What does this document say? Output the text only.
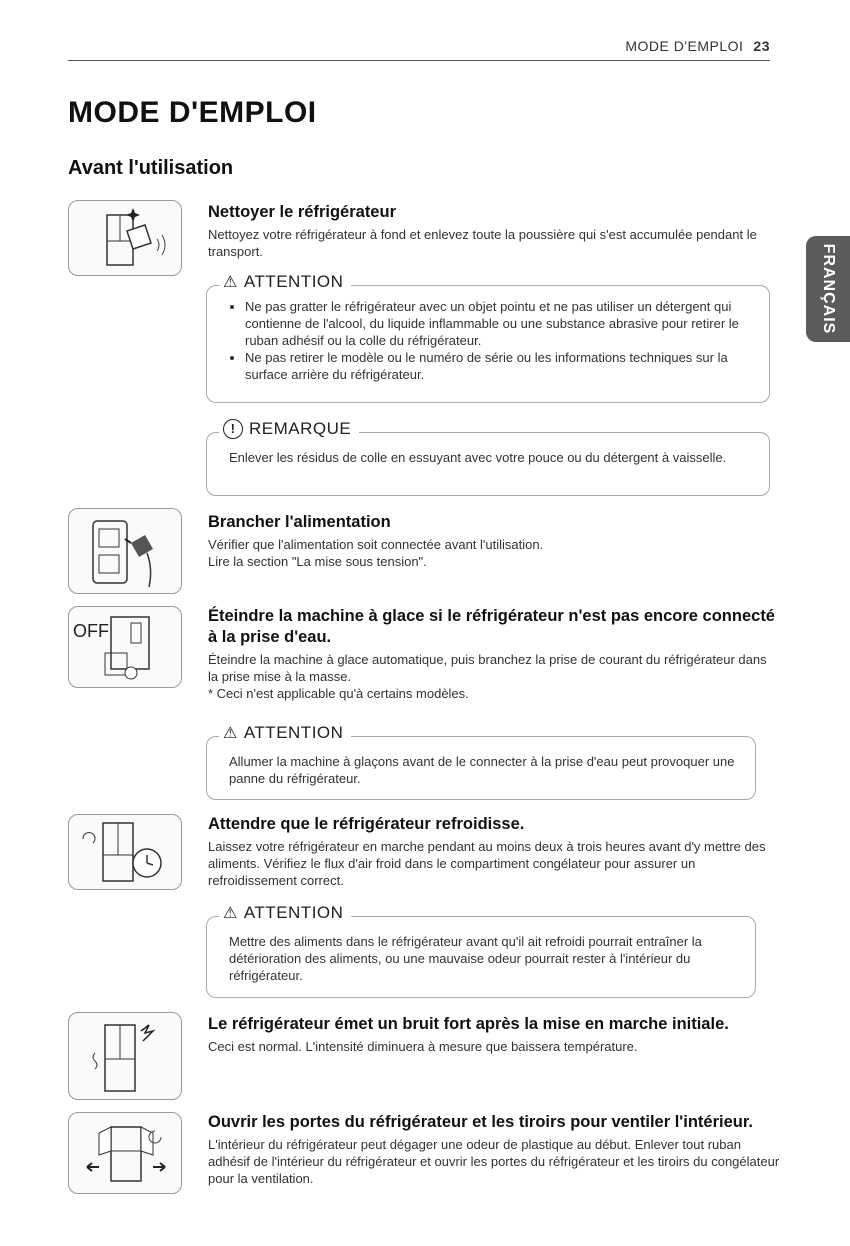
MODE D'EMPLOI 23
MODE D'EMPLOI
Avant l'utilisation
FRANÇAIS
Nettoyer le réfrigérateur

Nettoyez votre réfrigérateur à fond et enlevez toute la poussière qui s'est accumulée pendant le transport.

⚠ ATTENTION
• Ne pas gratter le réfrigérateur avec un objet pointu et ne pas utiliser un détergent qui contienne de l'alcool, du liquide inflammable ou une substance abrasive pour retirer le ruban adhésif ou la colle du réfrigérateur.
• Ne pas retirer le modèle ou le numéro de série ou les informations techniques sur la surface arrière du réfrigérateur.
! REMARQUE
Enlever les résidus de colle en essuyant avec votre pouce ou du détergent à vaisselle.
Brancher l'alimentation

Vérifier que l'alimentation soit connectée avant l'utilisation.

Lire la section "La mise sous tension".

OFF
Éteindre la machine à glace si le réfrigérateur n'est pas encore connecté à la prise d'eau.

Éteindre la machine à glace automatique, puis branchez la prise de courant du réfrigérateur dans la prise mise à la masse.

* Ceci n'est applicable qu'à certains modèles.

⚠ ATTENTION
Allumer la machine à glaçons avant de le connecter à la prise d'eau peut provoquer une panne du réfrigérateur.
Attendre que le réfrigérateur refroidisse.

Laissez votre réfrigérateur en marche pendant au moins deux à trois heures avant d'y mettre des aliments. Vérifiez le flux d'air froid dans le compartiment congélateur pour assurer un refroidissement correct.

⚠ ATTENTION
Mettre des aliments dans le réfrigérateur avant qu'il ait refroidi pourrait entraîner la détérioration des aliments, ou une mauvaise odeur pourrait rester à l'intérieur du réfrigérateur.
Le réfrigérateur émet un bruit fort après la mise en marche initiale.

Ceci est normal. L'intensité diminuera à mesure que baissera température.

Ouvrir les portes du réfrigérateur et les tiroirs pour ventiler l'intérieur.

L'intérieur du réfrigérateur peut dégager une odeur de plastique au début. Enlever tout ruban adhésif de l'intérieur du réfrigérateur et ouvrir les portes du réfrigérateur et les tiroirs du congélateur pour la ventilation.
